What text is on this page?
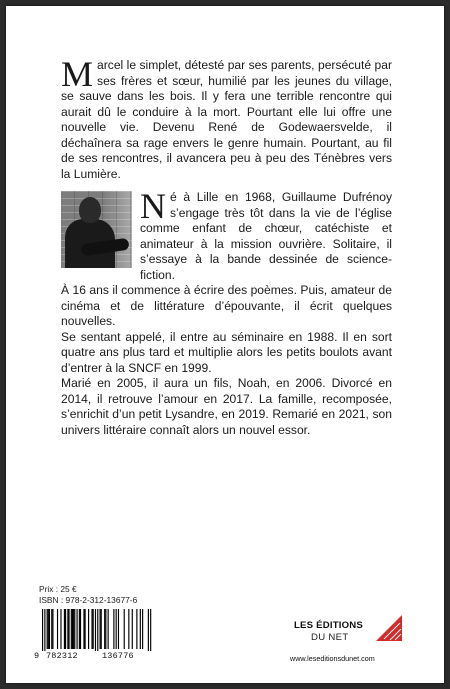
M arcel le simplet, détesté par ses parents, persécuté par ses frères et sœur, humilié par les jeunes du village, se sauve dans les bois. Il y fera une terrible rencontre qui aurait dû le conduire à la mort. Pourtant elle lui offre une nouvelle vie. Devenu René de Godewaersvelde, il déchaînera sa rage envers le genre humain. Pourtant, au fil de ses rencontres, il avancera peu à peu des Ténèbres vers la Lumière.

N é à Lille en 1968, Guillaume Dufrénoy s’engage très tôt dans la vie de l’église comme enfant de chœur, catéchiste et animateur à la mission ouvrière. Solitaire, il s’essaye à la bande dessinée de science-fiction.

À 16 ans il commence à écrire des poèmes. Puis, amateur de cinéma et de littérature d’épouvante, il écrit quelques nouvelles.

Se sentant appelé, il entre au séminaire en 1988. Il en sort quatre ans plus tard et multiplie alors les petits boulots avant d’entrer à la SNCF en 1999.

Marié en 2005, il aura un fils, Noah, en 2006. Divorcé en 2014, il retrouve l’amour en 2017. La famille, recomposée, s’enrichit d’un petit Lysandre, en 2019. Remarié en 2021, son univers littéraire connaît alors un nouvel essor.

Prix : 25 €
ISBN : 978-2-312-13677-6
9 782312	136776
LES ÉDITIONS
DU NET
www.leseditionsdunet.com
